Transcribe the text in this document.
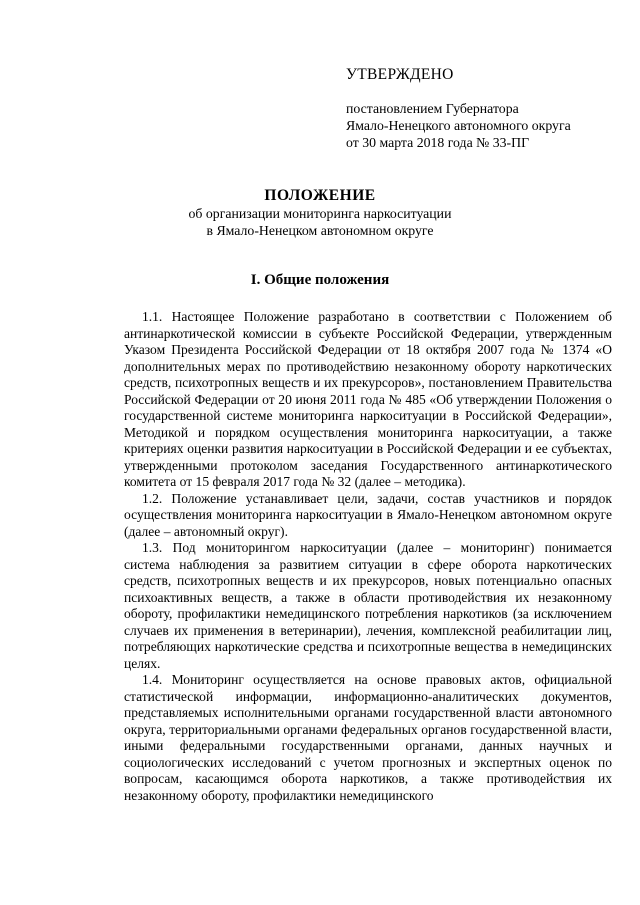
УТВЕРЖДЕНО
постановлением Губернатора
Ямало-Ненецкого автономного округа
от 30 марта 2018 года № 33-ПГ
ПОЛОЖЕНИЕ
об организации мониторинга наркоситуации
в Ямало-Ненецком автономном округе
I. Общие положения

1.1. Настоящее Положение разработано в соответствии с Положением об антинаркотической комиссии в субъекте Российской Федерации, утвержденным Указом Президента Российской Федерации от 18 октября 2007 года № 1374 «О дополнительных мерах по противодействию незаконному обороту наркотических средств, психотропных веществ и их прекурсоров», постановлением Правительства Российской Федерации от 20 июня 2011 года № 485 «Об утверждении Положения о государственной системе мониторинга наркоситуации в Российской Федерации», Методикой и порядком осуществления мониторинга наркоситуации, а также критериях оценки развития наркоситуации в Российской Федерации и ее субъектах, утвержденными протоколом заседания Государственного антинаркотического комитета от 15 февраля 2017 года № 32 (далее – методика).

1.2. Положение устанавливает цели, задачи, состав участников и порядок осуществления мониторинга наркоситуации в Ямало-Ненецком автономном округе (далее – автономный округ).

1.3. Под мониторингом наркоситуации (далее – мониторинг) понимается система наблюдения за развитием ситуации в сфере оборота наркотических средств, психотропных веществ и их прекурсоров, новых потенциально опасных психоактивных веществ, а также в области противодействия их незаконному обороту, профилактики немедицинского потребления наркотиков (за исключением случаев их применения в ветеринарии), лечения, комплексной реабилитации лиц, потребляющих наркотические средства и психотропные вещества в немедицинских целях.

1.4. Мониторинг осуществляется на основе правовых актов, официальной статистической информации, информационно-аналитических документов, представляемых исполнительными органами государственной власти автономного округа, территориальными органами федеральных органов государственной власти, иными федеральными государственными органами, данных научных и социологических исследований с учетом прогнозных и экспертных оценок по вопросам, касающимся оборота наркотиков, а также противодействия их незаконному обороту, профилактики немедицинского
